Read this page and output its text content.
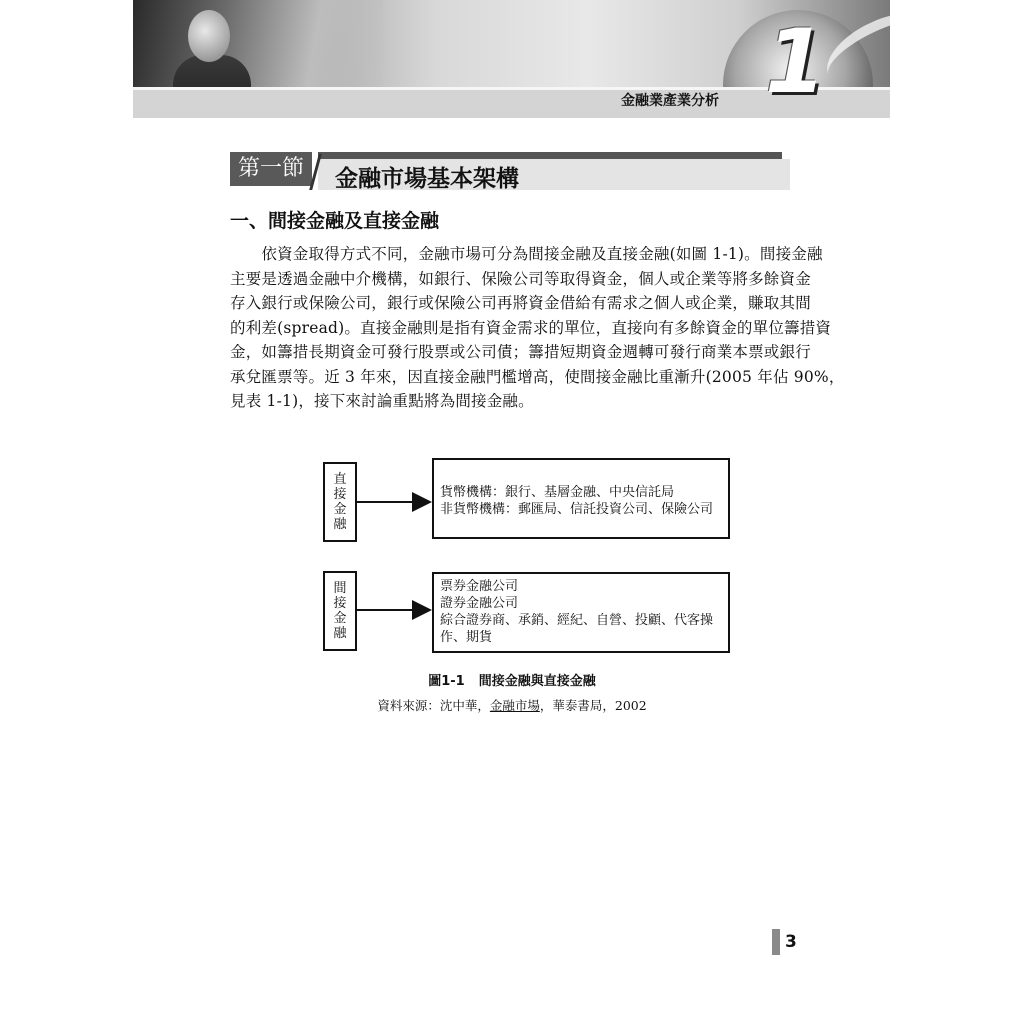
金融業產業分析 1
第一節	金融市場基本架構
一、間接金融及直接金融
　　依資金取得方式不同，金融市場可分為間接金融及直接金融(如圖 1-1)。間接金融
主要是透過金融中介機構，如銀行、保險公司等取得資金，個人或企業等將多餘資金
存入銀行或保險公司，銀行或保險公司再將資金借給有需求之個人或企業，賺取其間
的利差(spread)。直接金融則是指有資金需求的單位，直接向有多餘資金的單位籌措資
金，如籌措長期資金可發行股票或公司債；籌措短期資金週轉可發行商業本票或銀行
承兌匯票等。近 3 年來，因直接金融門檻增高，使間接金融比重漸升(2005 年佔 90%，
見表 1-1)，接下來討論重點將為間接金融。
直
接
金
融
貨幣機構：銀行、基層金融、中央信託局
非貨幣機構：郵匯局、信託投資公司、保險公司
間
接
金
融
票券金融公司
證券金融公司
綜合證券商、承銷、經紀、自營、投顧、代客操
作、期貨
圖1-1 間接金融與直接金融
資料來源：沈中華，金融市場，華泰書局，2002
3
